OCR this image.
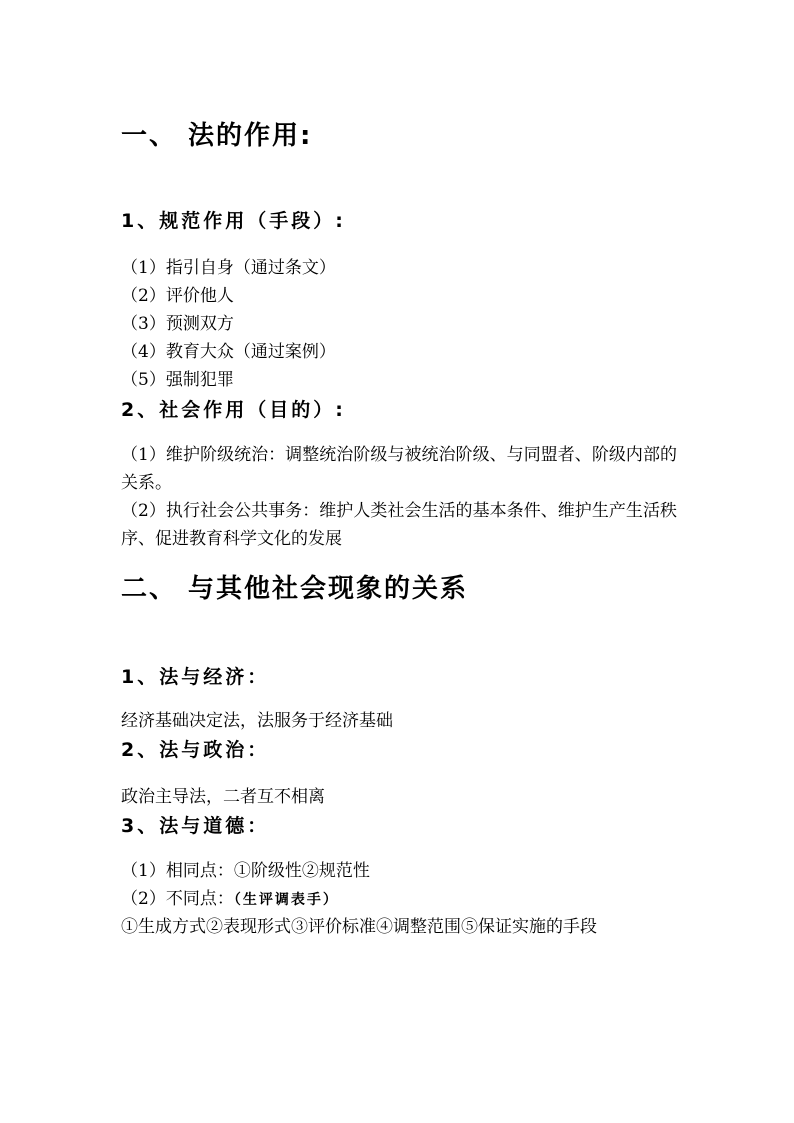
一、 法的作用:
1、规范作用（手段）:
（1）指引自身（通过条文）
（2）评价他人
（3）预测双方
（4）教育大众（通过案例）
（5）强制犯罪
2、社会作用（目的）:
（1）维护阶级统治：调整统治阶级与被统治阶级、与同盟者、阶级内部的关系。
（2）执行社会公共事务：维护人类社会生活的基本条件、维护生产生活秩序、促进教育科学文化的发展
二、 与其他社会现象的关系
1、法与经济：
经济基础决定法，法服务于经济基础
2、法与政治：
政治主导法，二者互不相离
3、法与道德：
（1）相同点：①阶级性②规范性
（2）不同点：（生评调表手）
①生成方式②表现形式③评价标准④调整范围⑤保证实施的手段
